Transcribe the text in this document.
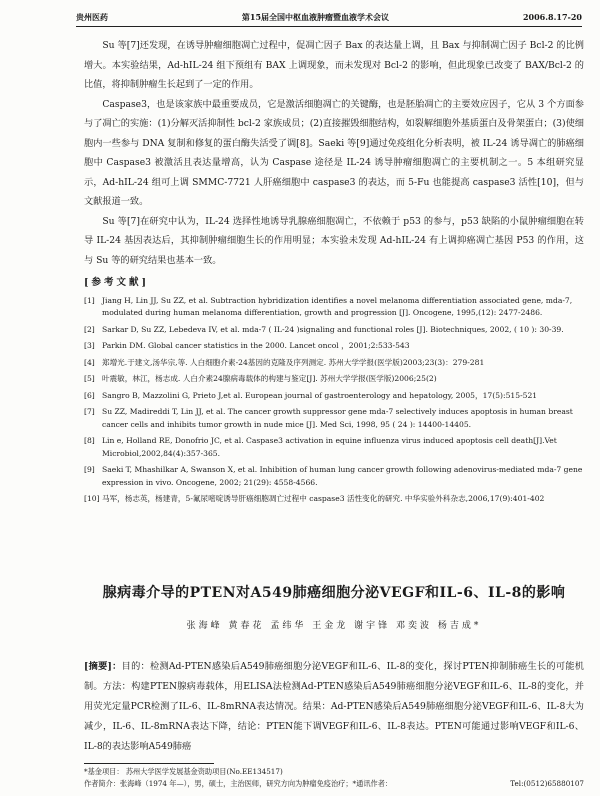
贵州医药	第15届全国中枢血液肿瘤暨血液学术会议	2006.8.17-20

Su 等[7]还发现，在诱导肿瘤细胞凋亡过程中，促凋亡因子 Bax 的表达量上调，且 Bax 与抑制凋亡因子 Bcl-2 的比例增大。本实验结果，Ad-hIL-24 组下预组有 BAX 上调现象，而未发现对 Bcl-2 的影响，但此现象已改变了 BAX/Bcl-2 的比值，将抑制肿瘤生长起到了一定的作用。

Caspase3，也是该家族中最重要成员，它是激活细胞凋亡的关键酶，也是胚胎凋亡的主要效应因子，它从 3 个方面参与了凋亡的实施：(1)分解灭活抑制性 bcl-2 家族成员；(2)直接摧毁细胞结构，如裂解细胞外基质蛋白及骨架蛋白；(3)使细胞内一些参与 DNA 复制和修复的蛋白酶失活受了调[8]。Saeki 等[9]通过免疫组化分析表明，被 IL-24 诱导凋亡的肺癌细胞中 Caspase3 被激活且表达量增高，认为 Caspase 途径是 IL-24 诱导肿瘤细胞凋亡的主要机制之一。5 本组研究显示，Ad-hIL-24 组可上调 SMMC-7721 人肝癌细胞中 caspase3 的表达，而 5-Fu 也能提高 caspase3 活性[10]，但与文献报道一致。

Su 等[7]在研究中认为，IL-24 选择性地诱导乳腺癌细胞凋亡，不依赖于 p53 的参与，p53 缺陷的小鼠肿瘤细胞在转导 IL-24 基因表达后，其抑制肿瘤细胞生长的作用明显；本实验未发现 Ad-hIL-24 有上调抑癌凋亡基因 P53 的作用，这与 Su 等的研究结果也基本一致。

[参考文献]
[1] Jiang H, Lin JJ, Su ZZ, et al. Subtraction hybridization identifies a novel melanoma differentiation associated gene, mda-7, modulated during human melanoma differentiation, growth and progression [J]. Oncogene, 1995,(12): 2477-2486.
[2] Sarkar D, Su ZZ, Lebedeva IV, et al. mda-7 ( IL-24 )signaling and functional roles [J]. Biotechniques, 2002, ( 10 ): 30-39.
[3] Parkin DM. Global cancer statistics in the 2000. Lancet oncol ，2001;2:533-543
[4] 郑增光.于建文,汤华宗,等. 人白细胞介素-24基因的克隆及序列测定. 苏州大学学报(医学版)2003;23(3)：279-281
[5] 叶震敏，林江，杨志成. 人白介素24腺病毒载体的构建与鉴定[J]. 苏州大学学报(医学版)2006;25(2)
[6] Sangro B, Mazzolini G, Prieto J,et al. European journal of gastroenterology and hepatology, 2005，17(5):515-521
[7] Su ZZ, Madireddi T, Lin JJ, et al. The cancer growth suppressor gene mda-7 selectively induces apoptosis in human breast cancer cells and inhibits tumor growth in nude mice [J]. Med Sci, 1998, 95 ( 24 ): 14400-14405.
[8] Lin e, Holland RE, Donofrio JC, et al. Caspase3 activation in equine influenza virus induced apoptosis cell death[J].Vet Microbiol,2002,84(4):357-365.
[9] Saeki T, Mhashilkar A, Swanson X, et al. Inhibition of human lung cancer growth following adenovirus-mediated mda-7 gene expression in vivo. Oncogene, 2002; 21(29): 4558-4566.
[10] 马军，杨志英，杨建青，5-氟尿嘧啶诱导肝癌细胞凋亡过程中 caspase3 活性变化的研究. 中华实验外科杂志,2006,17(9):401-402
腺病毒介导的PTEN对A549肺癌细胞分泌VEGF和IL-6、IL-8的影响
张海峰 黄春花 孟纬华 王金龙 谢宇锋 邓奕波 杨吉成*
[摘要]：目的：检测Ad-PTEN感染后A549肺癌细胞分泌VEGF和IL-6、IL-8的变化，探讨PTEN抑制肺癌生长的可能机制。方法：构建PTEN腺病毒载体，用ELISA法检测Ad-PTEN感染后A549肺癌细胞分泌VEGF和IL-6、IL-8的变化，并用荧光定量PCR检测了IL-6、IL-8mRNA表达情况。结果：Ad-PTEN感染后A549肺癌细胞分泌VEGF和IL-6、IL-8大为减少，IL-6、IL-8mRNA表达下降，结论：PTEN能下调VEGF和IL-6、IL-8表达。PTEN可能通过影响VEGF和IL-6、IL-8的表达影响A549肺癌
*基金项目： 苏州大学医学发展基金资助项目(No.EE134517)
作者简介：张海峰（1974 年—），男，硕士，主治医师，研究方向为肿瘤免疫治疗；*通讯作者：	Tel:(0512)65880107
